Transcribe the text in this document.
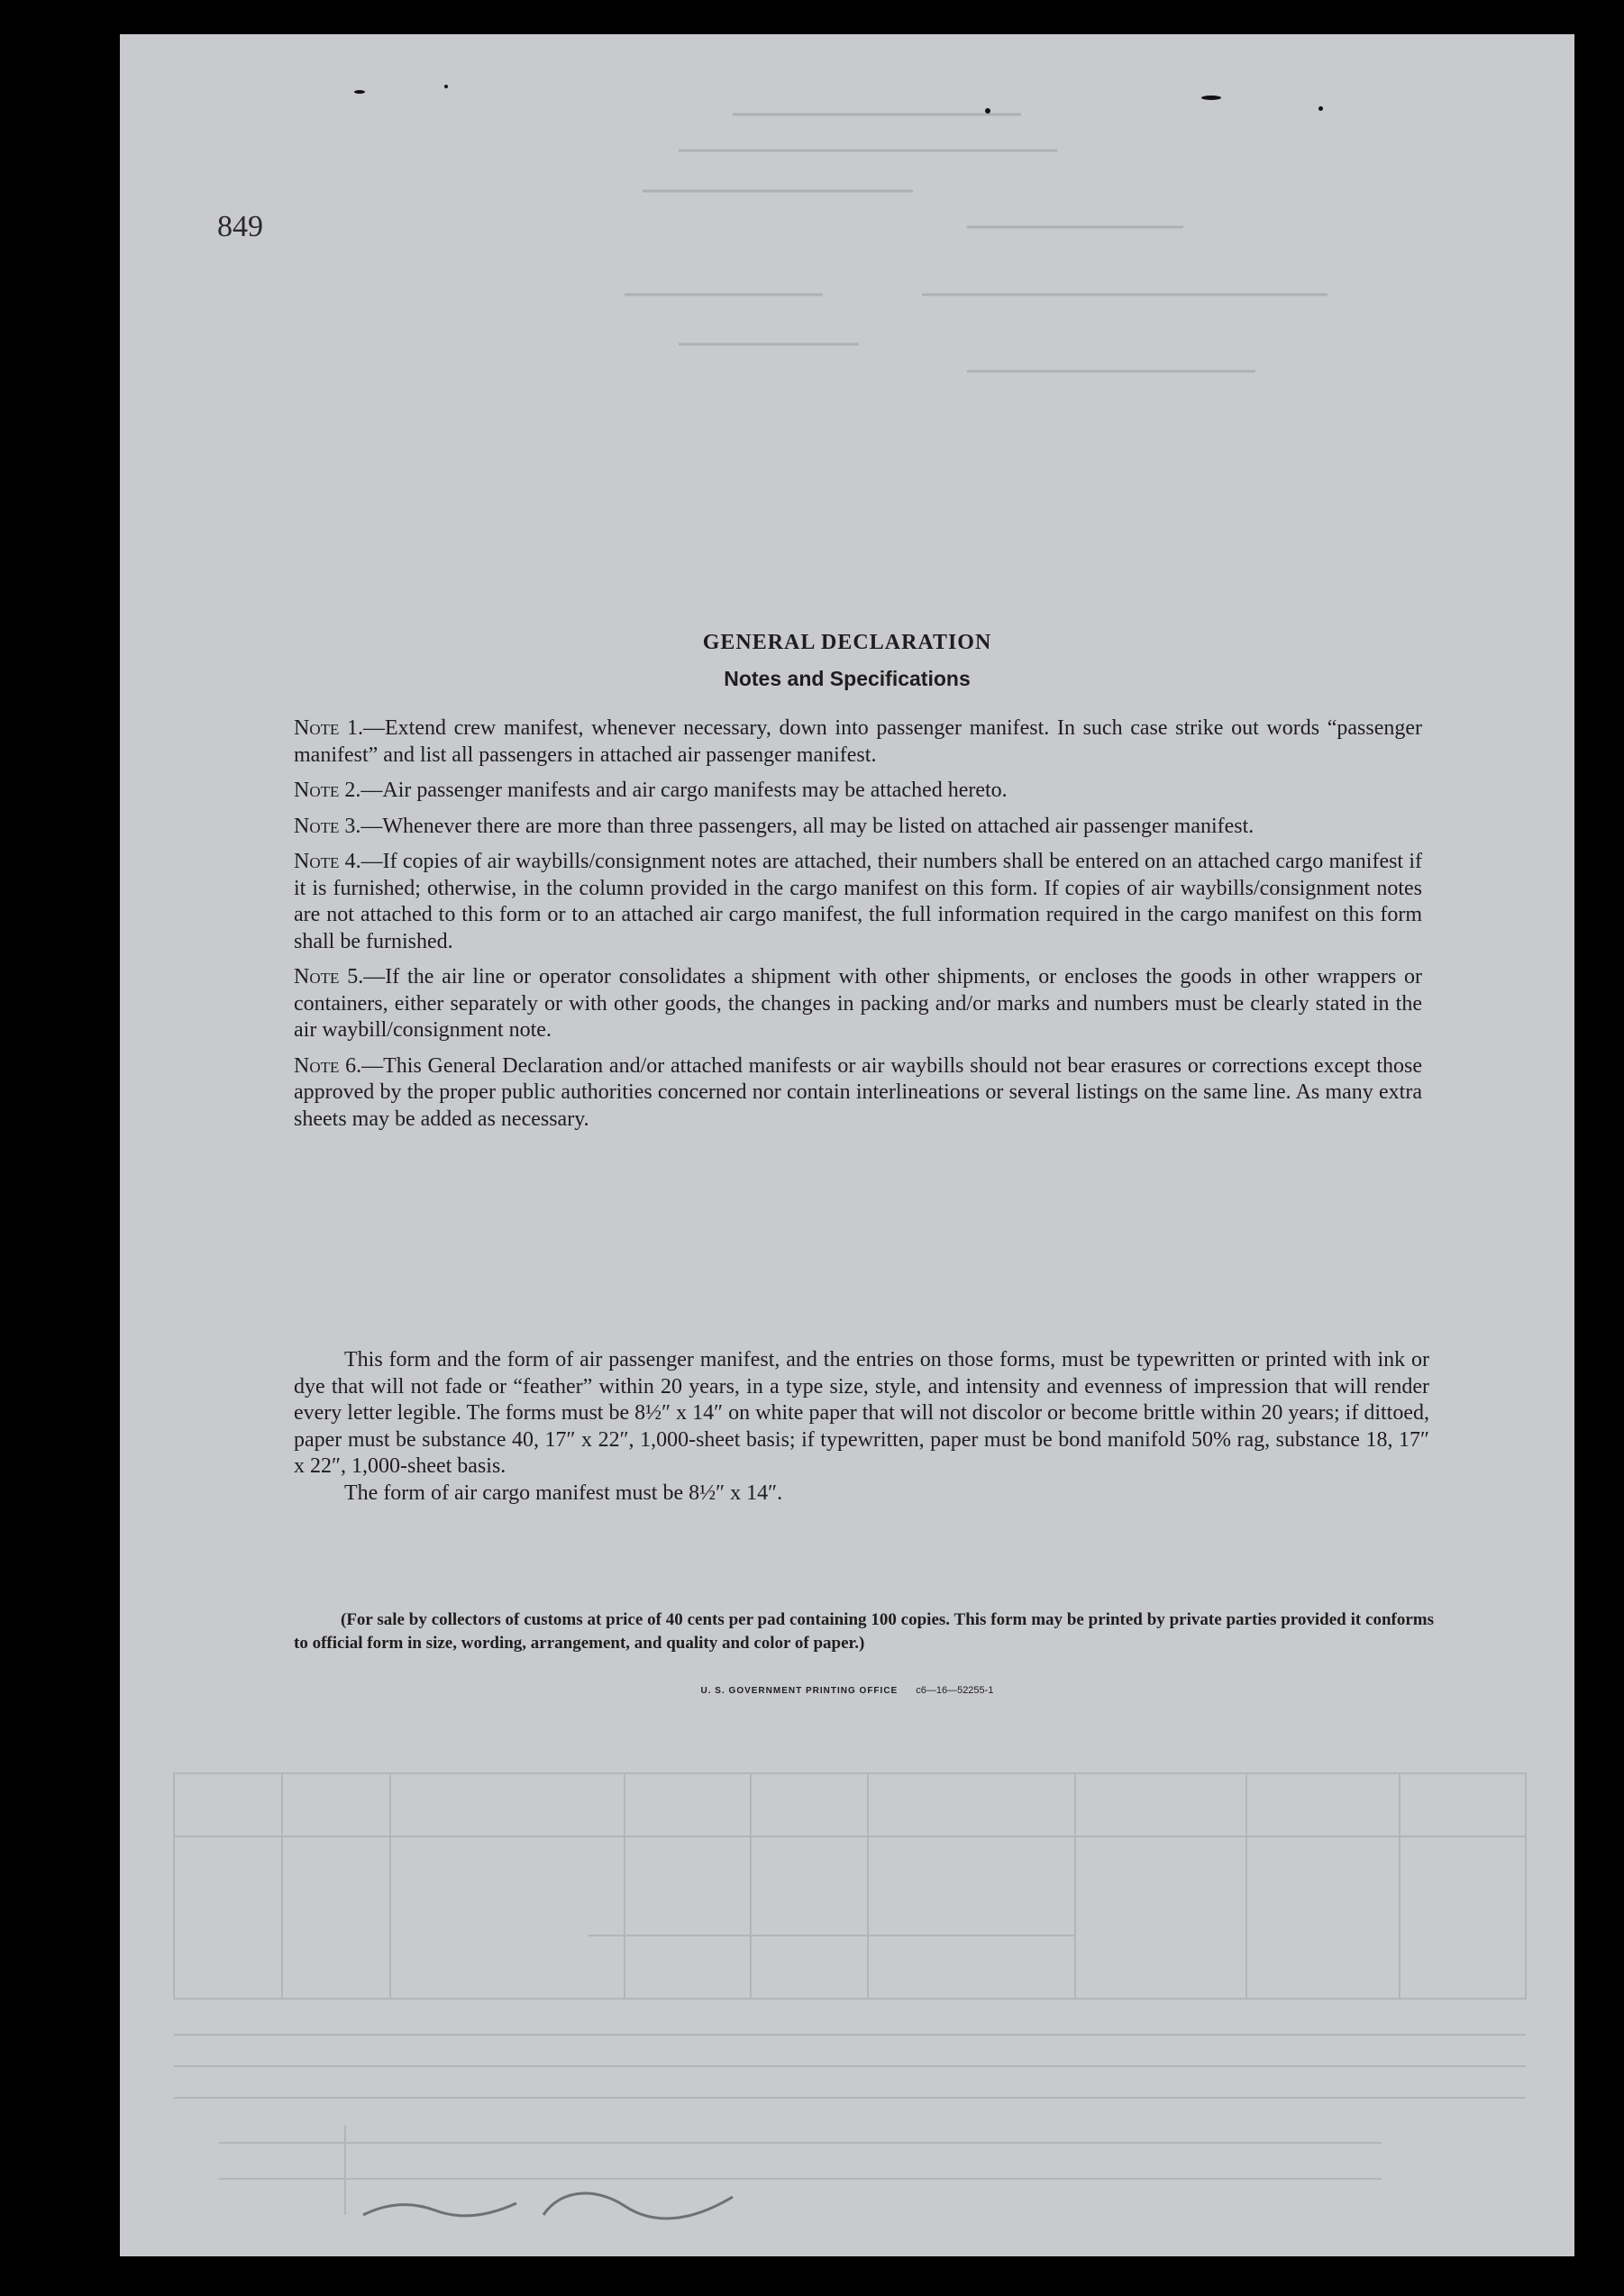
849
GENERAL DECLARATION
Notes and Specifications
Note 1.—Extend crew manifest, whenever necessary, down into passenger manifest. In such case strike out words “passenger manifest” and list all passengers in attached air passenger manifest.
Note 2.—Air passenger manifests and air cargo manifests may be attached hereto.
Note 3.—Whenever there are more than three passengers, all may be listed on attached air passenger manifest.
Note 4.—If copies of air waybills/consignment notes are attached, their numbers shall be entered on an attached cargo manifest if it is furnished; otherwise, in the column provided in the cargo manifest on this form. If copies of air waybills/consignment notes are not attached to this form or to an attached air cargo manifest, the full information required in the cargo manifest on this form shall be furnished.
Note 5.—If the air line or operator consolidates a shipment with other shipments, or encloses the goods in other wrappers or containers, either separately or with other goods, the changes in packing and/or marks and numbers must be clearly stated in the air waybill/consignment note.
Note 6.—This General Declaration and/or attached manifests or air waybills should not bear erasures or corrections except those approved by the proper public authorities concerned nor contain interlineations or several listings on the same line. As many extra sheets may be added as necessary.

This form and the form of air passenger manifest, and the entries on those forms, must be typewritten or printed with ink or dye that will not fade or “feather” within 20 years, in a type size, style, and intensity and evenness of impression that will render every letter legible. The forms must be 8½″ x 14″ on white paper that will not discolor or become brittle within 20 years; if dittoed, paper must be substance 40, 17″ x 22″, 1,000-sheet basis; if typewritten, paper must be bond manifold 50% rag, substance 18, 17″ x 22″, 1,000-sheet basis.

The form of air cargo manifest must be 8½″ x 14″.

(For sale by collectors of customs at price of 40 cents per pad containing 100 copies. This form may be printed by private parties provided it conforms to official form in size, wording, arrangement, and quality and color of paper.)
U. S. GOVERNMENT PRINTING OFFICE c6—16—52255-1
